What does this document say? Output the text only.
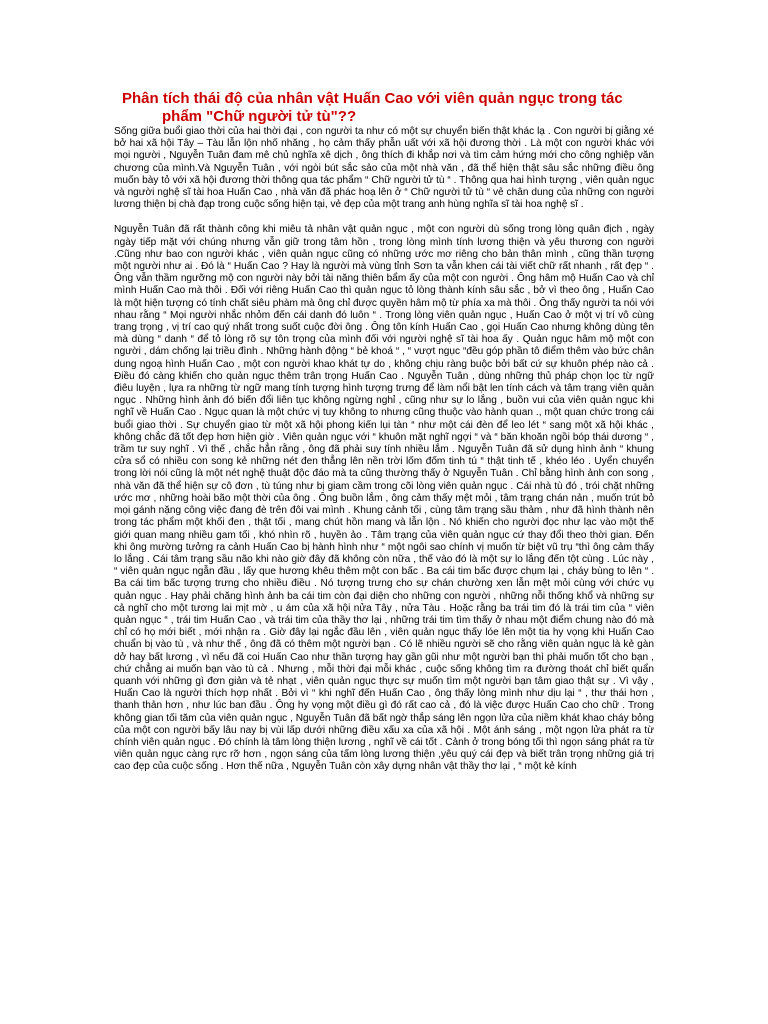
Phân tích thái độ của nhân vật Huấn Cao với viên quản ngục trong tác
phẩm "Chữ người tử tù"??

Sống giữa buổi giao thời của hai thời đại , con người ta như có một sự chuyển biến thật khác lạ . Con người bị giằng xé bở hai xã hội Tây – Tàu lẫn lộn nhố nhăng , họ cảm thấy phẫn uất với xã hội đương thời . Là một con người khác với mọi người , Nguyễn Tuân đam mê chủ nghĩa xê dịch , ông thích đi khắp nơi và tìm cảm hứng mới cho công nghiệp văn chương của mình.Và Nguyễn Tuân , với ngòi bút sắc sảo của một nhà văn , đã thể hiện thật sâu sắc những điều ông muốn bày tỏ với xã hội đương thời thông qua tác phẩm “ Chữ người tử tù “ . Thông qua hai hình tượng , viên quản ngục và người nghệ sĩ tài hoa Huấn Cao , nhà văn đã phác hoạ lên ở “ Chữ người tử tù “ vẻ chân dung của những con người lương thiện bị chà đạp trong cuộc sống hiện tại, vẻ đẹp của một trang anh hùng nghĩa sĩ tài hoa nghệ sĩ .

Nguyễn Tuân đã rất thành công khi miêu tả nhân vật quản ngục , một con người dù sống trong lòng quân địch , ngày ngày tiếp mặt với chúng nhưng vẫn giữ trong tâm hồn , trong lòng mình tính lương thiện và yêu thương con người .Cũng như bao con người khác , viên quản ngục cũng có những ước mơ riêng cho bản thân mình , cũng thần tượng một người như ai . Đó là “ Huấn Cao ? Hay là người mà vùng tỉnh Sơn ta vẫn khen cái tài viết chữ rất nhanh , rất đẹp “ . Ông vẫn thầm ngưỡng mộ con người này bởi tài năng thiên bẩm ấy của một con người . Ông hâm mộ Huấn Cao và chỉ mình Huấn Cao mà thôi . Đối với riêng Huấn Cao thì quản ngục tỏ lòng thành kính sâu sắc , bở vì theo ông , Huấn Cao là một hiện tượng có tính chất siêu phàm mà ông chỉ được quyền hâm mộ từ phía xa mà thôi . Ông thấy người ta nói với nhau rằng “ Mọi người nhắc nhỏm đến cái danh đó luôn “ . Trong lòng viên quản ngục , Huấn Cao ở một vị trí vô cùng trang trọng , vị trí cao quý nhất trong suốt cuộc đời ông . Ông tôn kính Huấn Cao , gọi Huấn Cao nhưng không dùng tên mà dùng “ danh “ để tỏ lòng rõ sự tôn trọng của mình đối với người nghệ sĩ tài hoa ấy . Quản ngục hâm mộ một con người , dám chống lại triều đình . Những hành động “ bẻ khoá “ , “ vượt ngục “đều góp phần tô điểm thêm vào bức chân dung ngoạ hình Huấn Cao , một con người khao khát tự do , không chịu ràng buộc bởi bất cứ sự khuôn phép nào cả . Điều đó càng khiến cho quản ngục thêm trân trọng Huấn Cao . Nguyễn Tuân , dùng những thủ pháp chọn lọc từ ngữ điêu luyện , lựa ra những từ ngữ mang tính tượng hình tượng trưng để làm nổi bật len tính cách và tâm trạng viên quản ngục . Những hình ảnh đó biến đổi liên tục không ngừng nghỉ , cũng như sự lo lắng , buồn vui của viên quản ngục khi nghĩ về Huấn Cao . Ngục quan là một chức vị tuy không to nhưng cũng thuộc vào hành quan ., một quan chức trong cái buổi giao thời . Sự chuyển giao từ một xã hội phong kiến lụi tàn “ như một cái đèn để leo lét “ sang một xã hội khác , không chắc đã tốt đẹp hơn hiện giờ . Viên quản ngục với “ khuôn mặt nghĩ ngợi “ và “ băn khoăn ngồi bóp thái dương “ , trầm tư suy nghĩ . Vì thế , chắc hẳn rằng , ông đã phải suy tính nhiều lắm . Nguyễn Tuân đã sử dụng hình ảnh “ khung cửa sổ có nhiều con song kẻ những nét đen thẳng lên nền trời lốm đốm tinh tú “ thật tinh tế , khéo léo . Uyển chuyển trong lời nói cũng là một nét nghệ thuật độc đáo mà ta cũng thường thấy ở Nguyễn Tuân . Chỉ bằng hình ảnh con song , nhà văn đã thể hiện sự cô đơn , tù túng như bị giam cầm trong cõi lòng viên quản ngục . Cái nhà tù đó , trói chặt những ước mơ , những hoài bão một thời của ông . Ông buồn lắm , ông cảm thấy mệt mỏi , tâm trạng chán nản , muốn trút bỏ mọi gánh nặng công việc đang đè trên đôi vai mình . Khung cảnh tối , cùng tâm trạng sầu thảm , như đã hình thành nên trong tác phẩm một khối đen , thật tối , mang chút hồn mang và lẫn lộn . Nó khiến cho người đọc như lạc vào một thế giới quan mang nhiều gam tối , khó nhìn rõ , huyền ảo . Tâm trạng của viên quản ngục cứ thay đổi theo thời gian. Đến khi ông mường tưởng ra cảnh Huấn Cao bị hành hình như “ một ngôi sao chính vị muốn từ biệt vũ trụ “thì ông cảm thấy lo lắng . Cái tâm trạng sầu não khi nào giờ đây đã không còn nữa , thế vào đó là một sự lo lắng đến tột cùng . Lúc này , “ viên quản ngục ngẫn đầu , lấy que hương khêu thêm một con bấc . Ba cái tim bấc được chụm lại , cháy bùng to lên “ . Ba cái tim bấc tượng trưng cho nhiều điều . Nó tượng trưng cho sự chán chường xen lẫn mệt mỏi cùng với chức vụ quản ngục . Hay phải chăng hình ảnh ba cái tim còn đại diện cho những con người , những nỗi thống khổ và những sự cả nghĩ cho một tương lai mịt mờ , u ám của xã hội nửa Tây , nửa Tàu . Hoặc rằng ba trái tim đó là trái tim của “ viên quản ngục “ , trái tim Huấn Cao , và trái tim của thầy thơ lại , những trái tim tìm thấy ở nhau một điểm chung nào đó mà chỉ có họ mới biết , mới nhận ra . Giờ đây lại ngắc đầu lên , viên quản ngục thấy lóe lên một tia hy vọng khi Huấn Cao chuẩn bị vào tù , và như thế , ông đã có thêm một người bạn . Có lẽ nhiều người sẽ cho rằng viên quản ngục là kẻ gàn dở hay bất lương , vì nếu đã coi Huấn Cao như thần tượng hay gần gũi như một người bạn thì phải muốn tốt cho bạn , chứ chẳng ai muốn bạn vào tù cả . Nhưng , mỗi thời đại mỗi khác , cuộc sống không tìm ra đường thoát chỉ biết quẩn quanh với những gì đơn giản và tẻ nhạt , viên quản ngục thực sự muốn tìm một người bạn tâm giao thật sự . Vì vậy , Huấn Cao là người thích hợp nhất . Bởi vì “ khi nghĩ đến Huấn Cao , ông thấy lòng mình như dịu lại “ , thư thái hơn , thanh thản hơn , như lúc ban đầu . Ông hy vọng một điều gì đó rất cao cả , đó là việc được Huấn Cao cho chữ . Trong không gian tối tăm của viên quản ngục , Nguyễn Tuân đã bất ngờ thắp sáng lên ngọn lửa của niềm khát khao cháy bỏng của một con người bấy lâu nay bị vùi lấp dưới những điều xấu xa của xã hội . Một ánh sáng , một ngọn lửa phát ra từ chính viên quản ngục . Đó chính là tâm lòng thiện lương , nghĩ về cái tốt . Cảnh ở trong bóng tối thì ngọn sáng phát ra từ viên quản ngục càng rực rỡ hơn , ngọn sáng của tấm lòng lương thiện ,yêu quý cái đẹp và biết trân trọng những giá trị cao đẹp của cuộc sống . Hơn thế nữa , Nguyễn Tuân còn xây dựng nhân vật thầy thơ lại , “ một kẻ kính
